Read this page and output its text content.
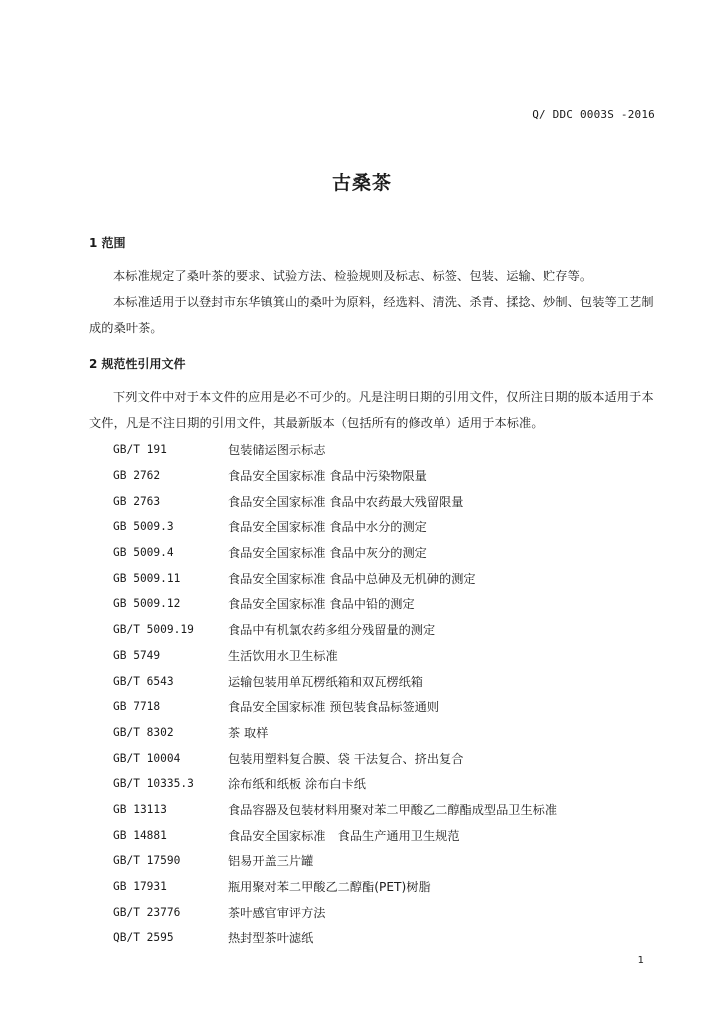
Q/ DDC 0003S -2016
古桑茶
1 范围
本标准规定了桑叶茶的要求、试验方法、检验规则及标志、标签、包装、运输、贮存等。
本标准适用于以登封市东华镇箕山的桑叶为原料，经选料、清洗、杀青、揉捻、炒制、包装等工艺制成的桑叶茶。
2 规范性引用文件
下列文件中对于本文件的应用是必不可少的。凡是注明日期的引用文件，仅所注日期的版本适用于本文件，凡是不注日期的引用文件，其最新版本（包括所有的修改单）适用于本标准。
GB/T 191	包装储运图示标志
GB 2762	食品安全国家标准 食品中污染物限量
GB 2763	食品安全国家标准 食品中农药最大残留限量
GB 5009.3	食品安全国家标准 食品中水分的测定
GB 5009.4	食品安全国家标准 食品中灰分的测定
GB 5009.11	食品安全国家标准 食品中总砷及无机砷的测定
GB 5009.12	食品安全国家标准 食品中铅的测定
GB/T 5009.19	食品中有机氯农药多组分残留量的测定
GB 5749	生活饮用水卫生标准
GB/T 6543	运输包装用单瓦楞纸箱和双瓦楞纸箱
GB 7718	食品安全国家标准 预包装食品标签通则
GB/T 8302	茶 取样
GB/T 10004	包装用塑料复合膜、袋 干法复合、挤出复合
GB/T 10335.3	涂布纸和纸板 涂布白卡纸
GB 13113	食品容器及包装材料用聚对苯二甲酸乙二醇酯成型品卫生标准
GB 14881	食品安全国家标准　食品生产通用卫生规范
GB/T 17590	铝易开盖三片罐
GB 17931	瓶用聚对苯二甲酸乙二醇酯(PET)树脂
GB/T 23776	茶叶感官审评方法
QB/T 2595	热封型茶叶滤纸
1
